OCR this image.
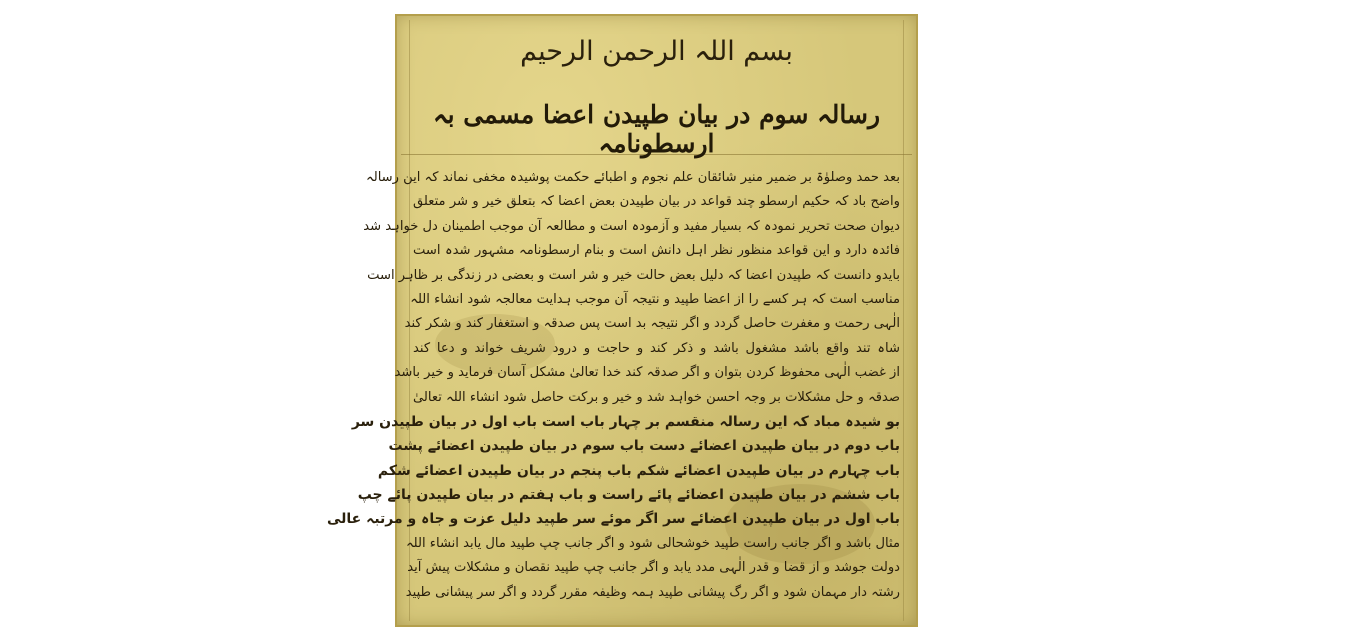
بسم اللہ الرحمن الرحیم
رسالہ سوم در بیان طپیدن اعضا مسمی بہ ارسطونامہ
بعد حمد وصلوٰۃ بر ضمیر منیر شائقان علم نجوم و اطبائے حکمت پوشیدہ مخفی نماند کہ این رسالہ
واضح باد کہ حکیم ارسطو چند قواعد در بیان طپیدن بعض اعضا کہ بتعلق خیر و شر متعلق
دیوان صحت تحریر نمودہ کہ بسیار مفید و آزمودہ است و مطالعہ آن موجب اطمینان دل خواہد شد
فائدہ دارد و این قواعد منظور نظر اہل دانش است و بنام ارسطونامہ مشہور شدہ است
بایدو دانست کہ طپیدن اعضا کہ دلیل بعض حالت خیر و شر است و بعضی در زندگی بر ظاہر است
مناسب است کہ ہر کسے را از اعضا طپید و نتیجہ آن موجب ہدایت معالجہ شود انشاء اللہ
الٰہی رحمت و مغفرت حاصل گردد و اگر نتیجہ بد است پس صدقہ و استغفار کند و شکر کند
شاہ تند واقع باشد مشغول باشد و ذکر کند و حاجت و درود شریف خواند و دعا کند
از غضب الٰہی محفوظ کردن بتوان و اگر صدقہ کند خدا تعالیٰ مشکل آسان فرماید و خیر باشد
صدقہ و حل مشکلات بر وجہ احسن خواہد شد و خیر و برکت حاصل شود انشاء اللہ تعالیٰ
بو شیدہ مباد کہ این رسالہ منقسم بر چہار باب است باب اول در بیان طپیدن سر
باب دوم در بیان طپیدن اعضائے دست باب سوم در بیان طپیدن اعضائے پشت
باب چہارم در بیان طپیدن اعضائے شکم باب پنجم در بیان طپیدن اعضائے شکم
باب ششم در بیان طپیدن اعضائے پائے راست و باب ہفتم در بیان طپیدن پائے چپ
باب اول در بیان طپیدن اعضائے سر اگر موئے سر طپید دلیل عزت و جاہ و مرتبہ عالی
مثال باشد و اگر جانب راست طپید خوشحالی شود و اگر جانب چپ طپید مال یابد انشاء اللہ
دولت جوشد و از قضا و قدر الٰہی مدد یابد و اگر جانب چپ طپید نقصان و مشکلات پیش آید
رشتہ دار مہمان شود و اگر رگ پیشانی طپید ہمہ وظیفہ مقرر گردد و اگر سر پیشانی طپید
